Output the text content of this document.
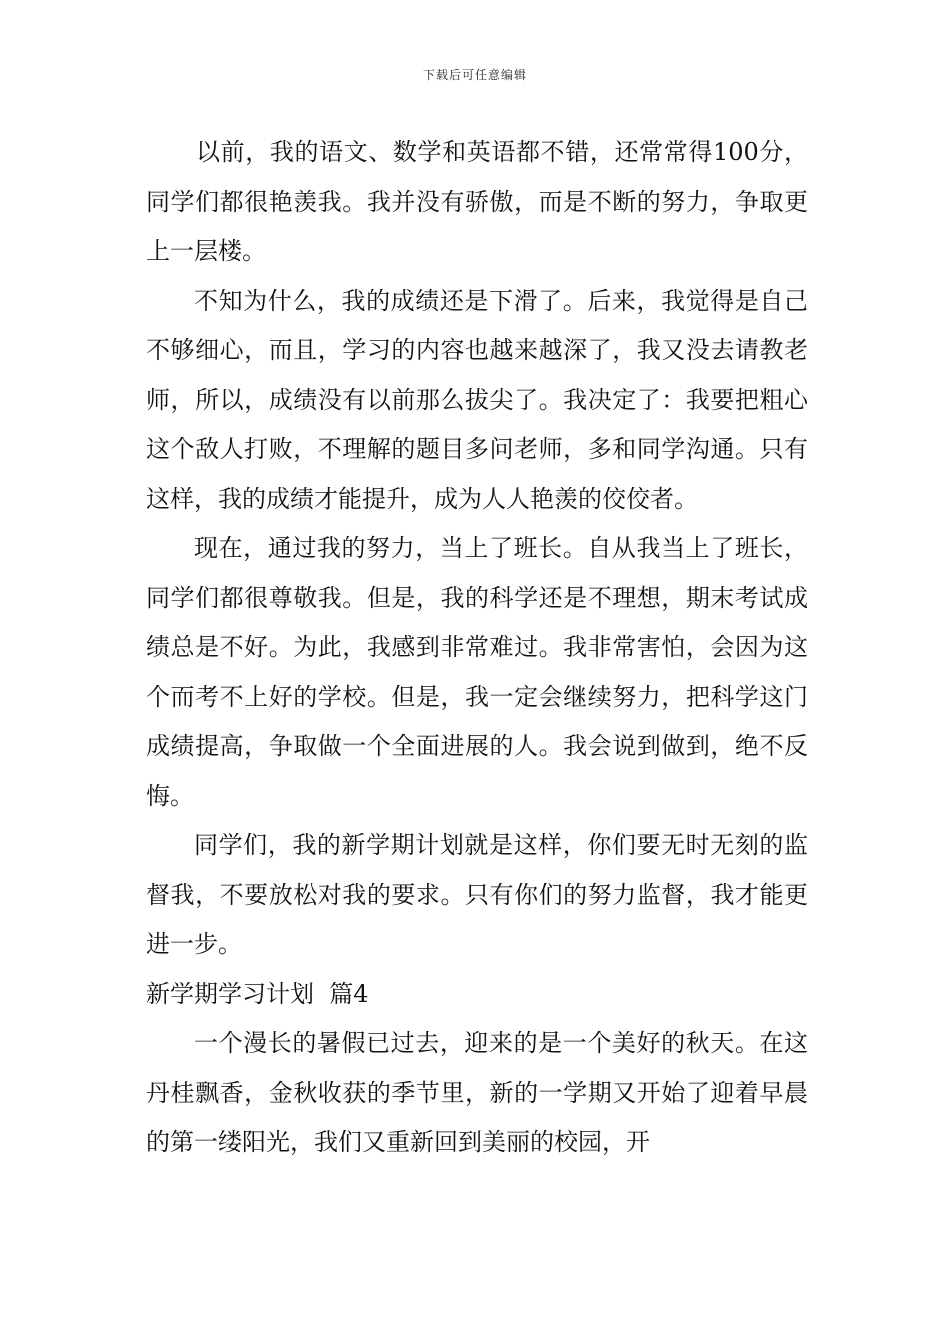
下载后可任意编辑

以前，我的语文、数学和英语都不错，还常常得100分，同学们都很艳羡我。我并没有骄傲，而是不断的努力，争取更上一层楼。

不知为什么，我的成绩还是下滑了。后来，我觉得是自己不够细心，而且，学习的内容也越来越深了，我又没去请教老师，所以，成绩没有以前那么拔尖了。我决定了：我要把粗心这个敌人打败，不理解的题目多问老师，多和同学沟通。只有这样，我的成绩才能提升，成为人人艳羡的佼佼者。

现在，通过我的努力，当上了班长。自从我当上了班长，同学们都很尊敬我。但是，我的科学还是不理想，期末考试成绩总是不好。为此，我感到非常难过。我非常害怕，会因为这个而考不上好的学校。但是，我一定会继续努力，把科学这门成绩提高，争取做一个全面进展的人。我会说到做到，绝不反悔。

同学们，我的新学期计划就是这样，你们要无时无刻的监督我，不要放松对我的要求。只有你们的努力监督，我才能更进一步。

新学期学习计划  篇4

一个漫长的暑假已过去，迎来的是一个美好的秋天。在这丹桂飘香，金秋收获的季节里，新的一学期又开始了迎着早晨的第一缕阳光，我们又重新回到美丽的校园，开
